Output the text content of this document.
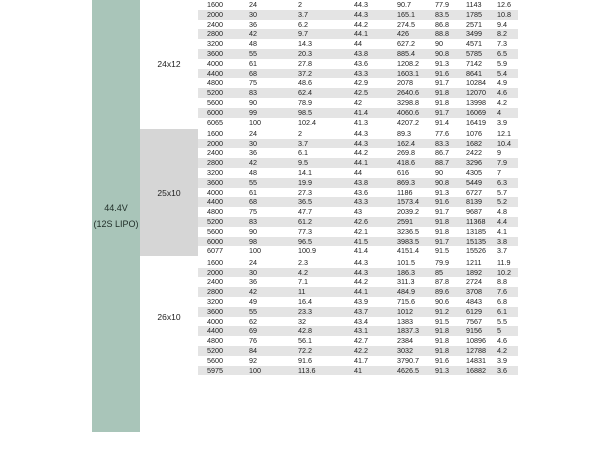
44.4V
(12S LIPO)
24x12
1600	24	2	44.3	90.7	77.9	1143	12.6
2000	30	3.7	44.3	165.1	83.5	1785	10.8
2400	36	6.2	44.2	274.5	86.8	2571	9.4
2800	42	9.7	44.1	426	88.8	3499	8.2
3200	48	14.3	44	627.2	90	4571	7.3
3600	55	20.3	43.8	885.4	90.8	5785	6.5
4000	61	27.8	43.6	1208.2	91.3	7142	5.9
4400	68	37.2	43.3	1603.1	91.6	8641	5.4
4800	75	48.6	42.9	2078	91.7	10284	4.9
5200	83	62.4	42.5	2640.6	91.8	12070	4.6
5600	90	78.9	42	3298.8	91.8	13998	4.2
6000	99	98.5	41.4	4060.6	91.7	16069	4
6065	100	102.4	41.3	4207.2	91.4	16419	3.9
25x10
1600	24	2	44.3	89.3	77.6	1076	12.1
2000	30	3.7	44.3	162.4	83.3	1682	10.4
2400	36	6.1	44.2	269.8	86.7	2422	9
2800	42	9.5	44.1	418.6	88.7	3296	7.9
3200	48	14.1	44	616	90	4305	7
3600	55	19.9	43.8	869.3	90.8	5449	6.3
4000	61	27.3	43.6	1186	91.3	6727	5.7
4400	68	36.5	43.3	1573.4	91.6	8139	5.2
4800	75	47.7	43	2039.2	91.7	9687	4.8
5200	83	61.2	42.6	2591	91.8	11368	4.4
5600	90	77.3	42.1	3236.5	91.8	13185	4.1
6000	98	96.5	41.5	3983.5	91.7	15135	3.8
6077	100	100.9	41.4	4151.4	91.5	15526	3.7
26x10
1600	24	2.3	44.3	101.5	79.9	1211	11.9
2000	30	4.2	44.3	186.3	85	1892	10.2
2400	36	7.1	44.2	311.3	87.8	2724	8.8
2800	42	11	44.1	484.9	89.6	3708	7.6
3200	49	16.4	43.9	715.6	90.6	4843	6.8
3600	55	23.3	43.7	1012	91.2	6129	6.1
4000	62	32	43.4	1383	91.5	7567	5.5
4400	69	42.8	43.1	1837.3	91.8	9156	5
4800	76	56.1	42.7	2384	91.8	10896	4.6
5200	84	72.2	42.2	3032	91.8	12788	4.2
5600	92	91.6	41.7	3790.7	91.6	14831	3.9
5975	100	113.6	41	4626.5	91.3	16882	3.6
